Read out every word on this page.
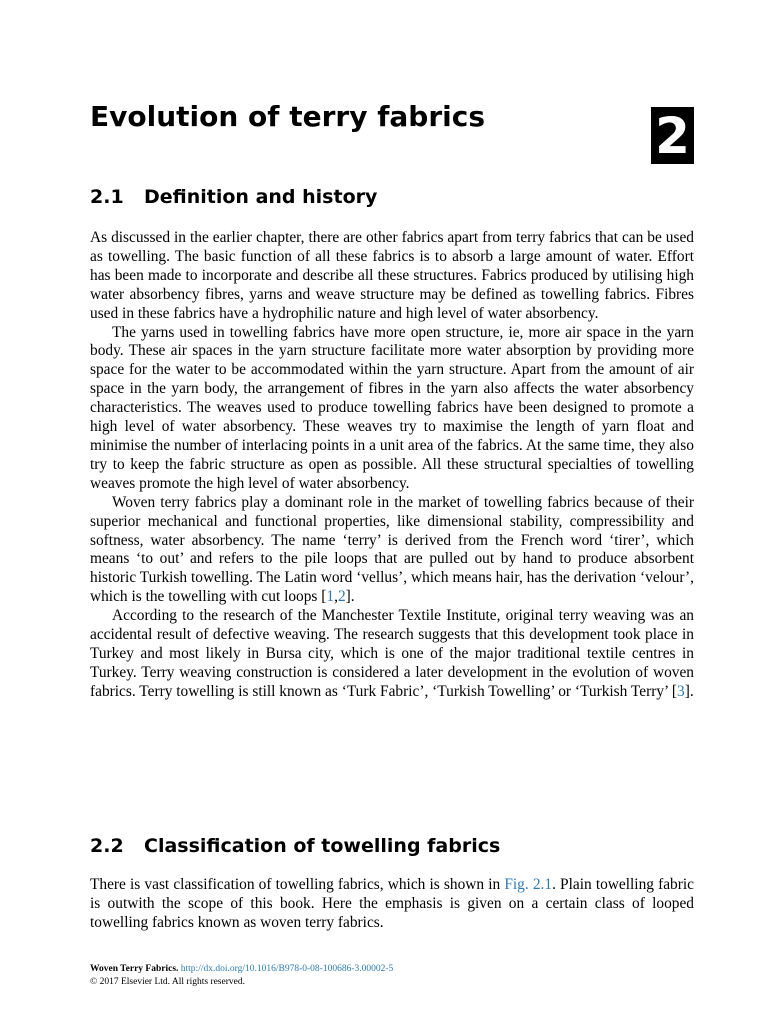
Evolution of terry fabrics	2
2.1 Definition and history

As discussed in the earlier chapter, there are other fabrics apart from terry fabrics that can be used as towelling. The basic function of all these fabrics is to absorb a large amount of water. Effort has been made to incorporate and describe all these structures. Fabrics produced by utilising high water absorbency fibres, yarns and weave structure may be defined as towelling fabrics. Fibres used in these fabrics have a hydrophilic nature and high level of water absorbency.

The yarns used in towelling fabrics have more open structure, ie, more air space in the yarn body. These air spaces in the yarn structure facilitate more water absorption by providing more space for the water to be accommodated within the yarn structure. Apart from the amount of air space in the yarn body, the arrangement of fibres in the yarn also affects the water absorbency characteristics. The weaves used to produce towelling fabrics have been designed to promote a high level of water absorbency. These weaves try to maximise the length of yarn float and minimise the number of interlacing points in a unit area of the fabrics. At the same time, they also try to keep the fabric structure as open as possible. All these structural specialties of towelling weaves promote the high level of water absorbency.

Woven terry fabrics play a dominant role in the market of towelling fabrics because of their superior mechanical and functional properties, like dimensional stability, compressibility and softness, water absorbency. The name ‘terry’ is derived from the French word ‘tirer’, which means ‘to out’ and refers to the pile loops that are pulled out by hand to produce absorbent historic Turkish towelling. The Latin word ‘vellus’, which means hair, has the derivation ‘velour’, which is the towelling with cut loops [1,2].

According to the research of the Manchester Textile Institute, original terry weaving was an accidental result of defective weaving. The research suggests that this development took place in Turkey and most likely in Bursa city, which is one of the major traditional textile centres in Turkey. Terry weaving construction is considered a later development in the evolution of woven fabrics. Terry towelling is still known as ‘Turk Fabric’, ‘Turkish Towelling’ or ‘Turkish Terry’ [3].

2.2 Classification of towelling fabrics

There is vast classification of towelling fabrics, which is shown in Fig. 2.1. Plain towelling fabric is outwith the scope of this book. Here the emphasis is given on a certain class of looped towelling fabrics known as woven terry fabrics.

Woven Terry Fabrics. http://dx.doi.org/10.1016/B978-0-08-100686-3.00002-5
© 2017 Elsevier Ltd. All rights reserved.
